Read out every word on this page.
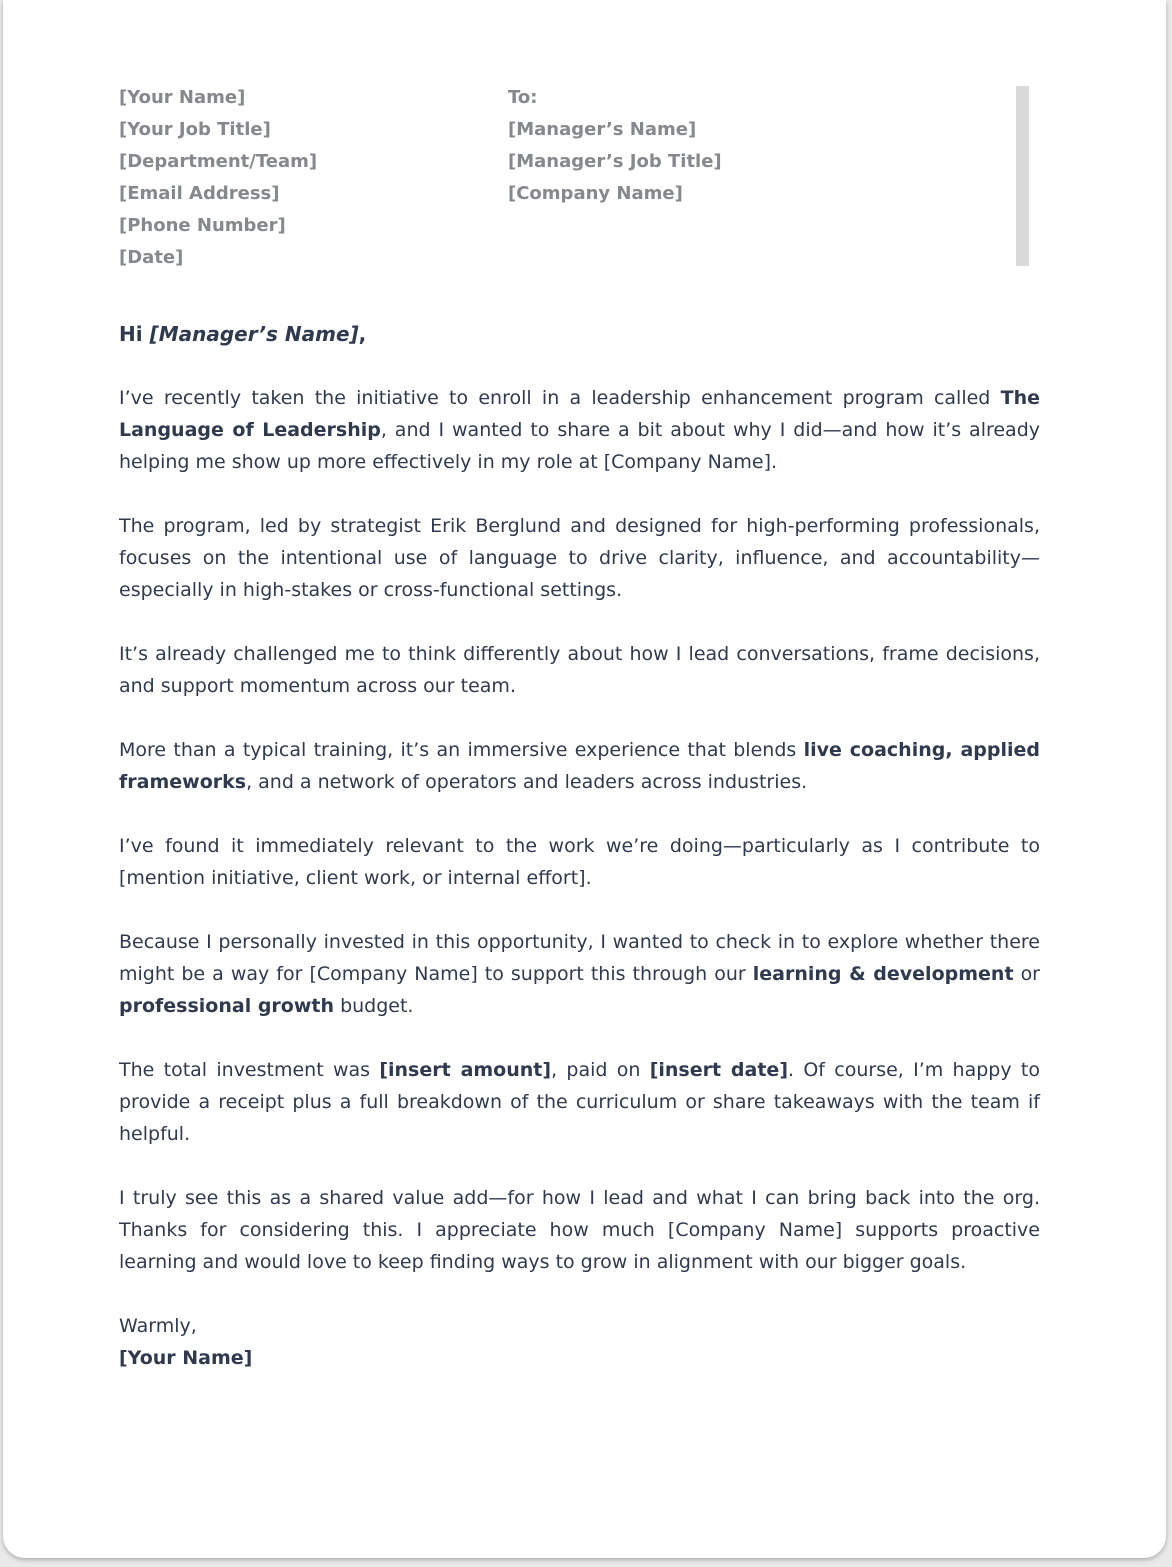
[Your Name]
[Your Job Title]
[Department/Team]
[Email Address]
[Phone Number]
[Date]
To:
[Manager’s Name]
[Manager’s Job Title]
[Company Name]

Hi [Manager’s Name],

I’ve recently taken the initiative to enroll in a leadership enhancement program called The Language of Leadership, and I wanted to share a bit about why I did—and how it’s already helping me show up more effectively in my role at [Company Name].

The program, led by strategist Erik Berglund and designed for high-performing professionals, focuses on the intentional use of language to drive clarity, influence, and accountability—especially in high-stakes or cross-functional settings.

It’s already challenged me to think differently about how I lead conversations, frame decisions, and support momentum across our team.

More than a typical training, it’s an immersive experience that blends live coaching, applied frameworks, and a network of operators and leaders across industries.

I’ve found it immediately relevant to the work we’re doing—particularly as I contribute to [mention initiative, client work, or internal effort].

Because I personally invested in this opportunity, I wanted to check in to explore whether there might be a way for [Company Name] to support this through our learning & development or professional growth budget.

The total investment was [insert amount], paid on [insert date]. Of course, I’m happy to provide a receipt plus a full breakdown of the curriculum or share takeaways with the team if helpful.

I truly see this as a shared value add—for how I lead and what I can bring back into the org. Thanks for considering this. I appreciate how much [Company Name] supports proactive learning and would love to keep finding ways to grow in alignment with our bigger goals.

Warmly,

[Your Name]
